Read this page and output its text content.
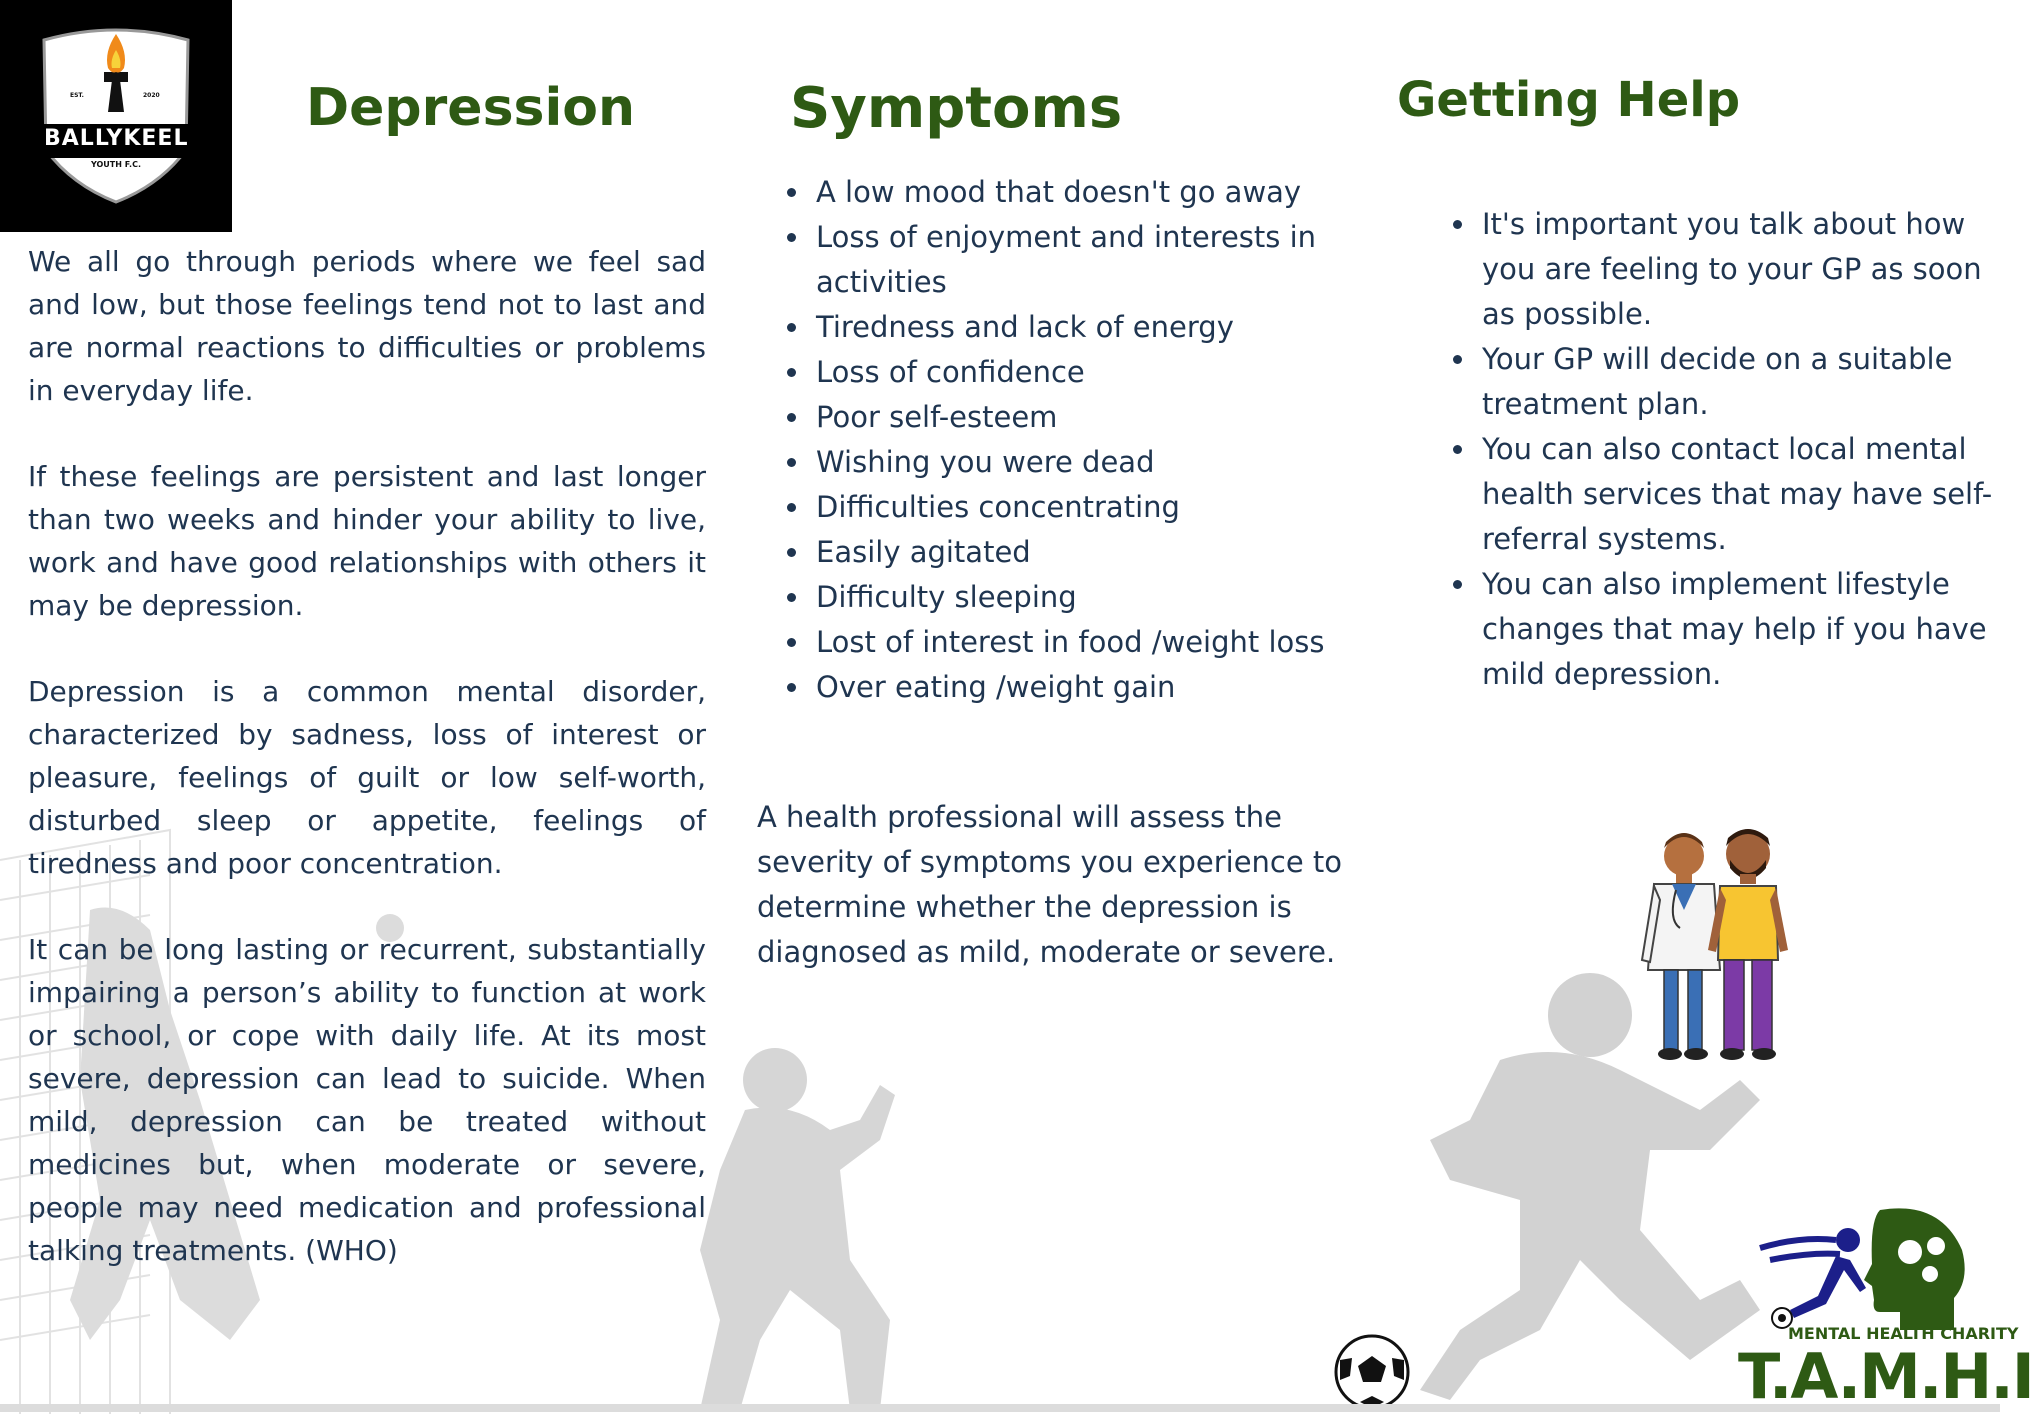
EST.	2020
BALLYKEEL
YOUTH F.C.
Depression	Symptoms	Getting Help

We all go through periods where we feel sad and low, but those feelings tend not to last and are normal reactions to difficulties or problems in everyday life.

If these feelings are persistent and last longer than two weeks and hinder your ability to live, work and have good relationships with others it may be depression.

Depression is a common mental disorder, characterized by sadness, loss of interest or pleasure, feelings of guilt or low self-worth, disturbed sleep or appetite, feelings of tiredness and poor concentration.

It can be long lasting or recurrent, substantially impairing a person’s ability to function at work or school, or cope with daily life. At its most severe, depression can lead to suicide. When mild, depression can be treated without medicines but, when moderate or severe, people may need medication and professional talking treatments. (WHO)

• A low mood that doesn't go away
• Loss of enjoyment and interests in activities
• Tiredness and lack of energy
• Loss of confidence
• Poor self-esteem
• Wishing you were dead
• Difficulties concentrating
• Easily agitated
• Difficulty sleeping
• Lost of interest in food /weight loss
• Over eating /weight gain

A health professional will assess the severity of symptoms you experience to determine whether the depression is diagnosed as mild, moderate or severe.

• It's important you talk about how you are feeling to your GP as soon as possible.
• Your GP will decide on a suitable treatment plan.
• You can also contact local mental health services that may have self-referral systems.
• You can also implement lifestyle changes that may help if you have mild depression.
MENTAL HEALTH CHARITY
T.A.M.H.I
